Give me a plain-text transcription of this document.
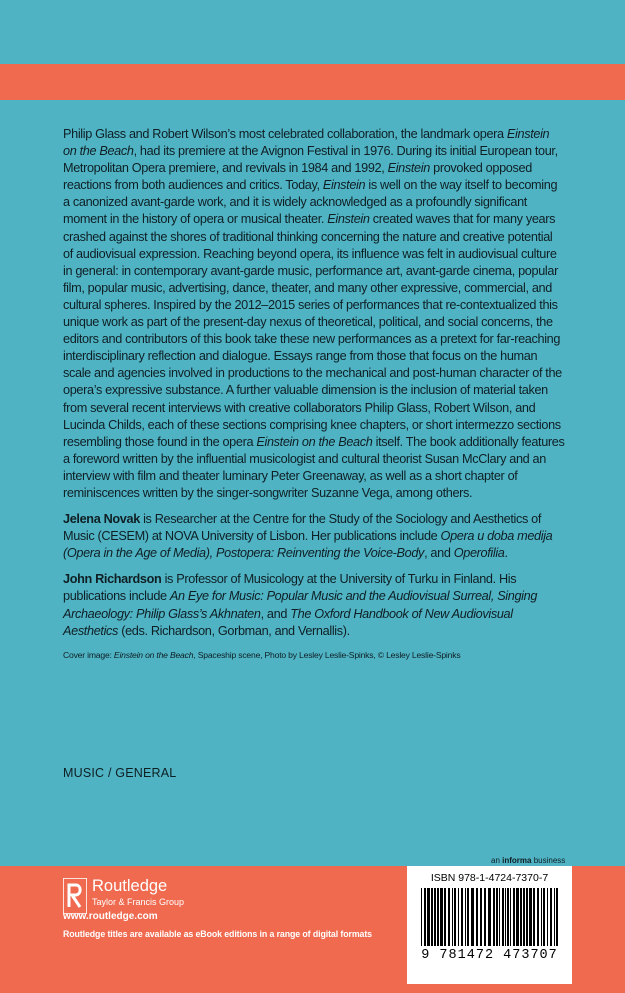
Philip Glass and Robert Wilson’s most celebrated collaboration, the landmark opera Einstein on the Beach, had its premiere at the Avignon Festival in 1976. During its initial European tour, Metropolitan Opera premiere, and revivals in 1984 and 1992, Einstein provoked opposed reactions from both audiences and critics. Today, Einstein is well on the way itself to becoming a canonized avant-garde work, and it is widely acknowledged as a profoundly significant moment in the history of opera or musical theater. Einstein created waves that for many years crashed against the shores of traditional thinking concerning the nature and creative potential of audiovisual expression. Reaching beyond opera, its influence was felt in audiovisual culture in general: in contemporary avant-garde music, performance art, avant-garde cinema, popular film, popular music, advertising, dance, theater, and many other expressive, commercial, and cultural spheres. Inspired by the 2012–2015 series of performances that re-contextualized this unique work as part of the present-day nexus of theoretical, political, and social concerns, the editors and contributors of this book take these new performances as a pretext for far-reaching interdisciplinary reflection and dialogue. Essays range from those that focus on the human scale and agencies involved in productions to the mechanical and post-human character of the opera’s expressive substance. A further valuable dimension is the inclusion of material taken from several recent interviews with creative collaborators Philip Glass, Robert Wilson, and Lucinda Childs, each of these sections comprising knee chapters, or short intermezzo sections resembling those found in the opera Einstein on the Beach itself. The book additionally features a foreword written by the influential musicologist and cultural theorist Susan McClary and an interview with film and theater luminary Peter Greenaway, as well as a short chapter of reminiscences written by the singer-songwriter Suzanne Vega, among others.

Jelena Novak is Researcher at the Centre for the Study of the Sociology and Aesthetics of Music (CESEM) at NOVA University of Lisbon. Her publications include Opera u doba medija (Opera in the Age of Media), Postopera: Reinventing the Voice-Body, and Operofilia.

John Richardson is Professor of Musicology at the University of Turku in Finland. His publications include An Eye for Music: Popular Music and the Audiovisual Surreal, Singing Archaeology: Philip Glass’s Akhnaten, and The Oxford Handbook of New Audiovisual Aesthetics (eds. Richardson, Gorbman, and Vernallis).

Cover image: Einstein on the Beach, Spaceship scene, Photo by Lesley Leslie-Spinks, © Lesley Leslie-Spinks

MUSIC / GENERAL
an informa business
Routledge
Taylor & Francis Group
www.routledge.com
Routledge titles are available as eBook editions in a range of digital formats
ISBN 978-1-4724-7370-7
9 781472 473707
